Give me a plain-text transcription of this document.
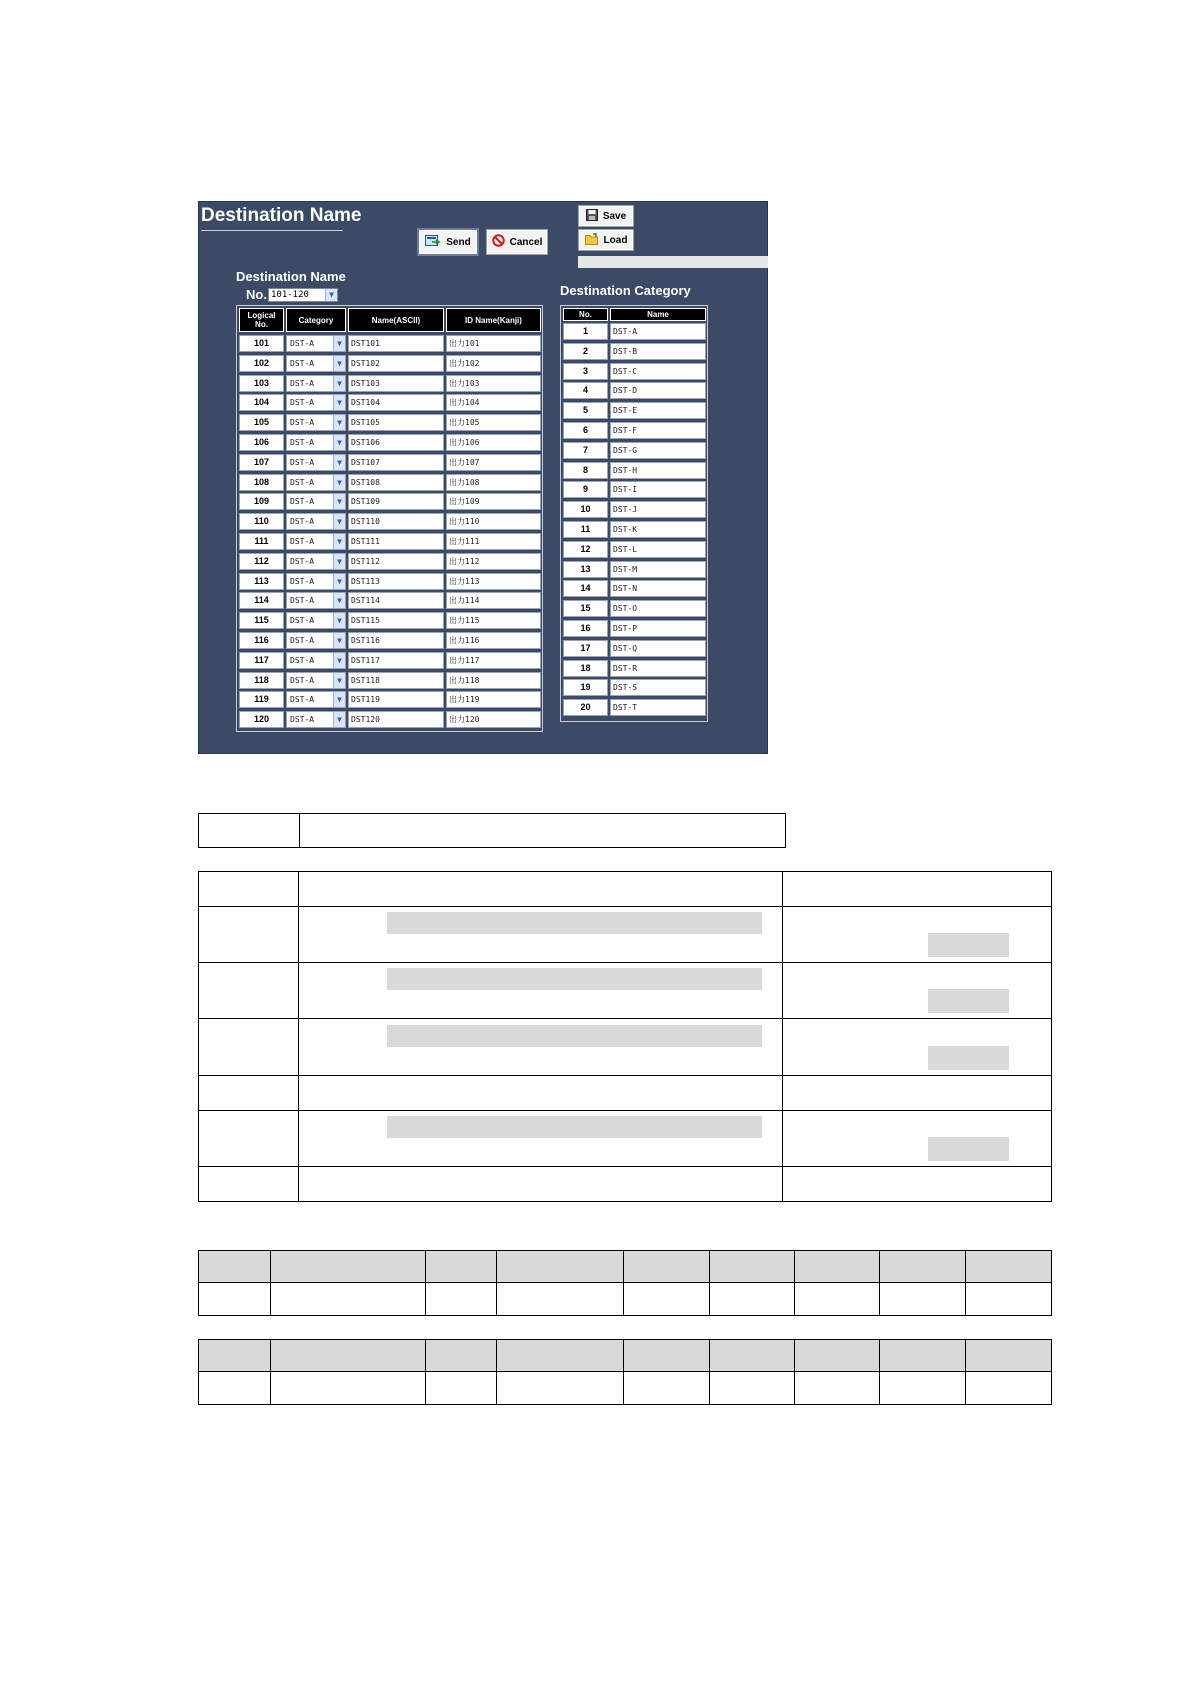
Destination Name
Send	Cancel
Save
Load
Destination Name
No. 101-120	▼	Destination Category
Logical No.	Category	Name(ASCII)	ID Name(Kanji)
101	DST-A	▼	DST101	出力101
102	DST-A	▼	DST102	出力102
103	DST-A	▼	DST103	出力103
104	DST-A	▼	DST104	出力104
105	DST-A	▼	DST105	出力105
106	DST-A	▼	DST106	出力106
107	DST-A	▼	DST107	出力107
108	DST-A	▼	DST108	出力108
109	DST-A	▼	DST109	出力109
110	DST-A	▼	DST110	出力110
111	DST-A	▼	DST111	出力111
112	DST-A	▼	DST112	出力112
113	DST-A	▼	DST113	出力113
114	DST-A	▼	DST114	出力114
115	DST-A	▼	DST115	出力115
116	DST-A	▼	DST116	出力116
117	DST-A	▼	DST117	出力117
118	DST-A	▼	DST118	出力118
119	DST-A	▼	DST119	出力119
120	DST-A	▼	DST120	出力120
No.	Name
1	DST-A
2	DST-B
3	DST-C
4	DST-D
5	DST-E
6	DST-F
7	DST-G
8	DST-H
9	DST-I
10	DST-J
11	DST-K
12	DST-L
13	DST-M
14	DST-N
15	DST-O
16	DST-P
17	DST-Q
18	DST-R
19	DST-S
20	DST-T
